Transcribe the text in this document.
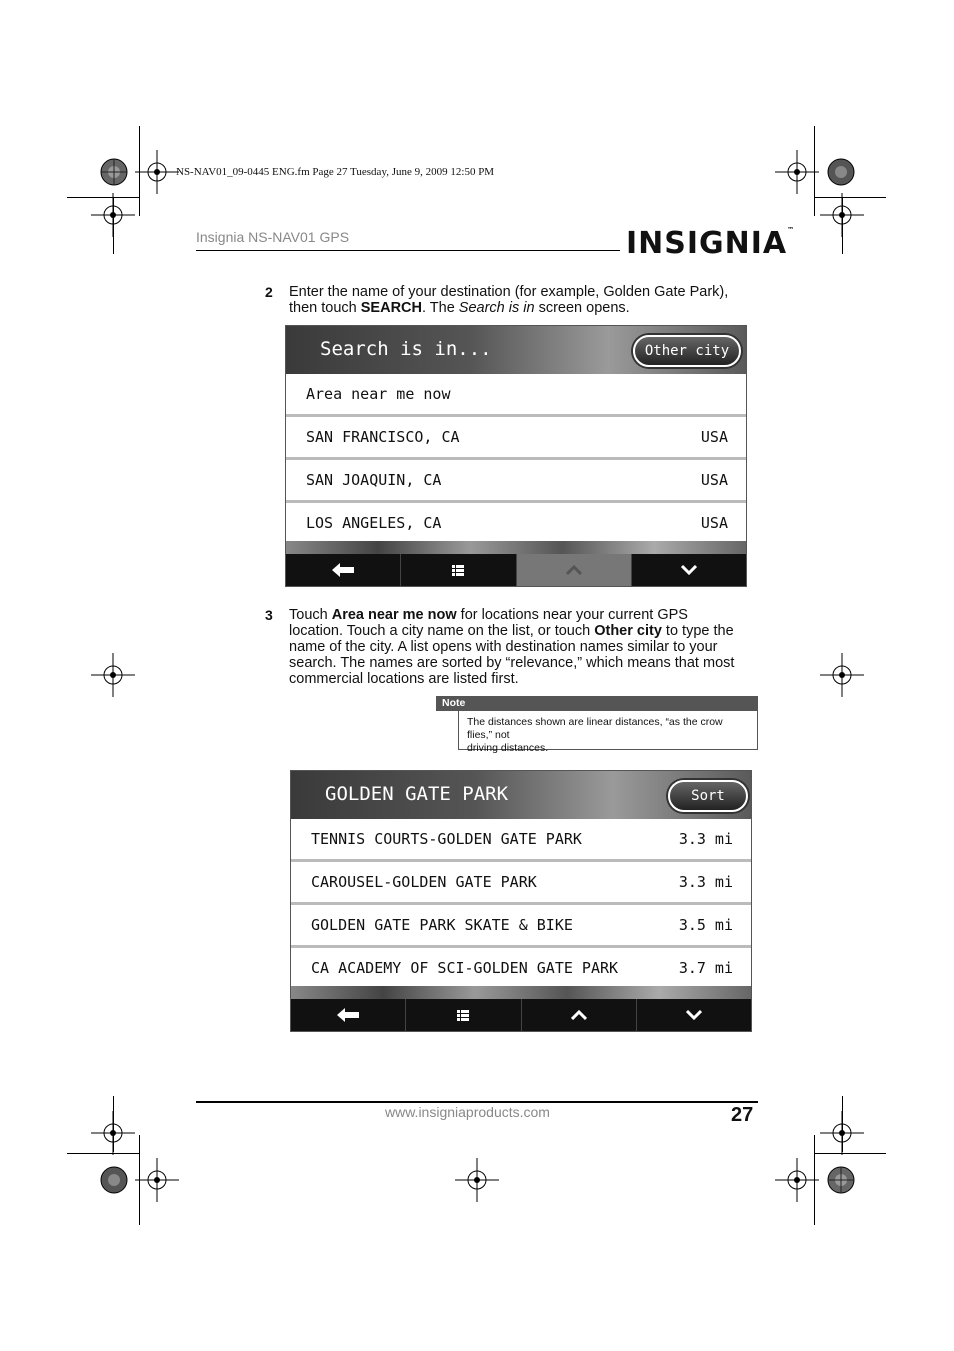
NS-NAV01_09-0445 ENG.fm Page 27 Tuesday, June 9, 2009 12:50 PM
Insignia NS-NAV01 GPS	INSIGNIA™
2 Enter the name of your destination (for example, Golden Gate Park),
then touch SEARCH. The Search is in screen opens.
Search is in...	Other city
Area near me now
SAN FRANCISCO, CA	USA
SAN JOAQUIN, CA	USA
LOS ANGELES, CA	USA
3 Touch Area near me now for locations near your current GPS
location. Touch a city name on the list, or touch Other city to type the
name of the city. A list opens with destination names similar to your
search. The names are sorted by “relevance,” which means that most
commercial locations are listed first.
Note
The distances shown are linear distances, “as the crow flies,” not
driving distances.
GOLDEN GATE PARK	Sort
TENNIS COURTS-GOLDEN GATE PARK	3.3 mi
CAROUSEL-GOLDEN GATE PARK	3.3 mi
GOLDEN GATE PARK SKATE & BIKE	3.5 mi
CA ACADEMY OF SCI-GOLDEN GATE PARK	3.7 mi
www.insigniaproducts.com	27
